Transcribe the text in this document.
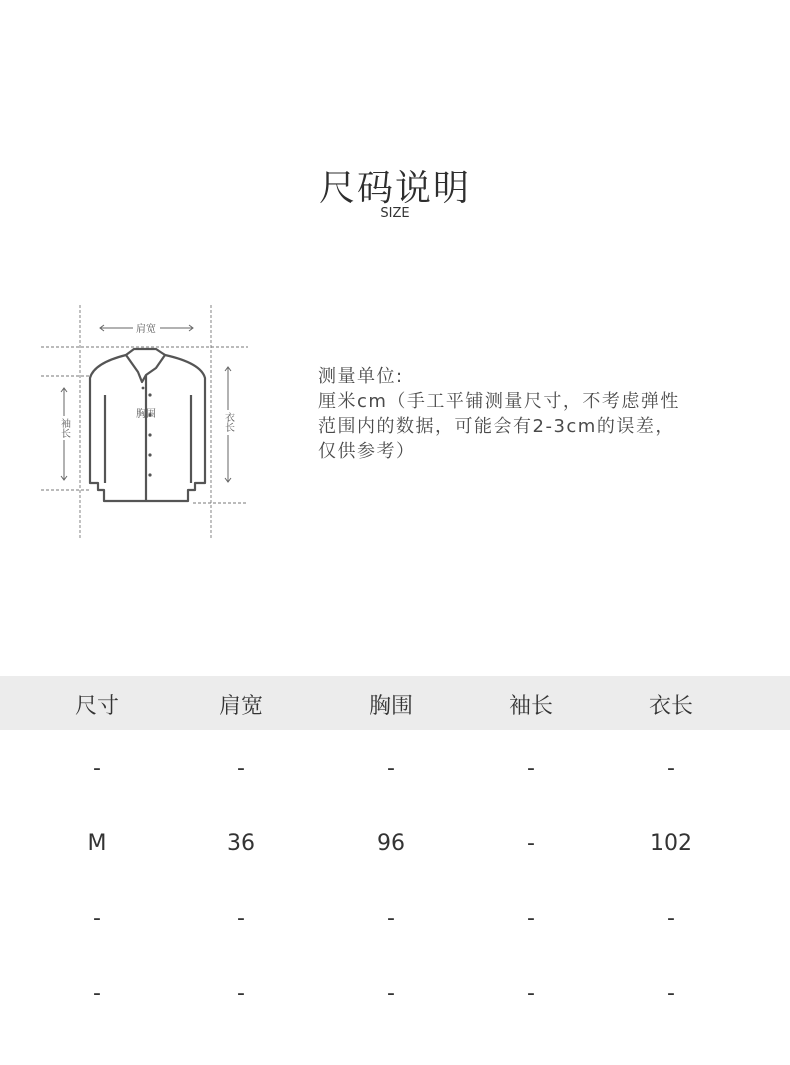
尺码说明
SIZE
肩宽
胸围
袖长	衣长
测量单位:
厘米cm（手工平铺测量尺寸，不考虑弹性
范围内的数据，可能会有2-3cm的误差，
仅供参考）
尺寸	肩宽	胸围	袖长	衣长
-	-	-	-	-
M	36	96	-	102
-	-	-	-	-
-	-	-	-	-
